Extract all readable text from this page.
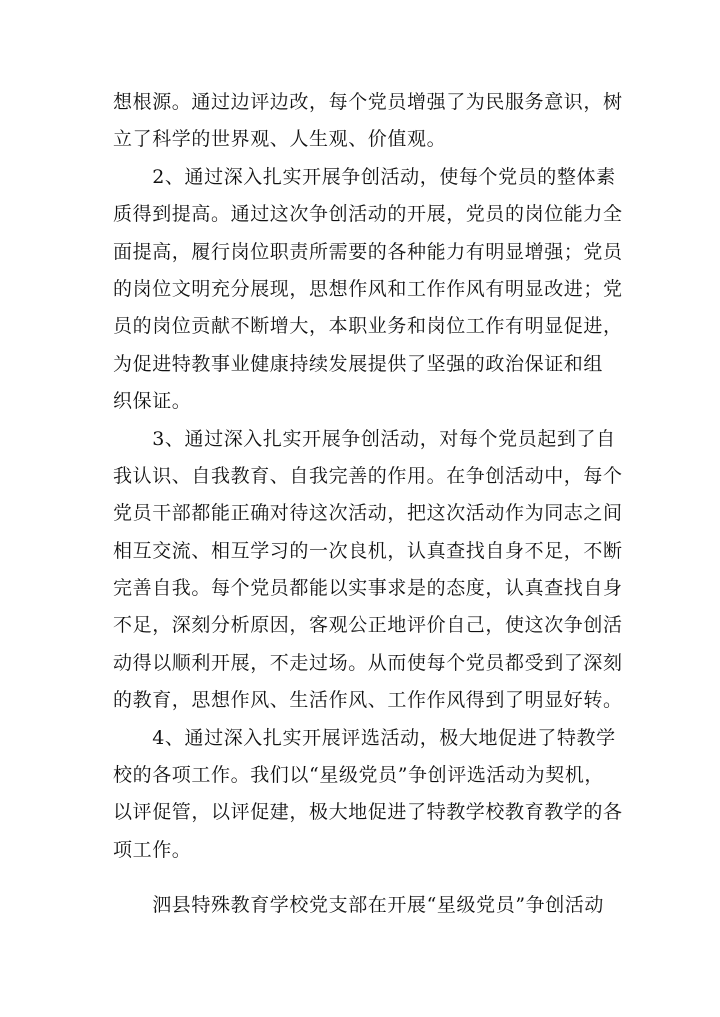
想根源。通过边评边改，每个党员增强了为民服务意识，树
立了科学的世界观、人生观、价值观。
　　2、通过深入扎实开展争创活动，使每个党员的整体素
质得到提高。通过这次争创活动的开展，党员的岗位能力全
面提高，履行岗位职责所需要的各种能力有明显增强；党员
的岗位文明充分展现，思想作风和工作作风有明显改进；党
员的岗位贡献不断增大，本职业务和岗位工作有明显促进，
为促进特教事业健康持续发展提供了坚强的政治保证和组
织保证。
　　3、通过深入扎实开展争创活动，对每个党员起到了自
我认识、自我教育、自我完善的作用。在争创活动中，每个
党员干部都能正确对待这次活动，把这次活动作为同志之间
相互交流、相互学习的一次良机，认真查找自身不足，不断
完善自我。每个党员都能以实事求是的态度，认真查找自身
不足，深刻分析原因，客观公正地评价自己，使这次争创活
动得以顺利开展，不走过场。从而使每个党员都受到了深刻
的教育，思想作风、生活作风、工作作风得到了明显好转。
　　4、通过深入扎实开展评选活动，极大地促进了特教学
校的各项工作。我们以“星级党员”争创评选活动为契机，
以评促管，以评促建，极大地促进了特教学校教育教学的各
项工作。
　　泗县特殊教育学校党支部在开展“星级党员”争创活动
